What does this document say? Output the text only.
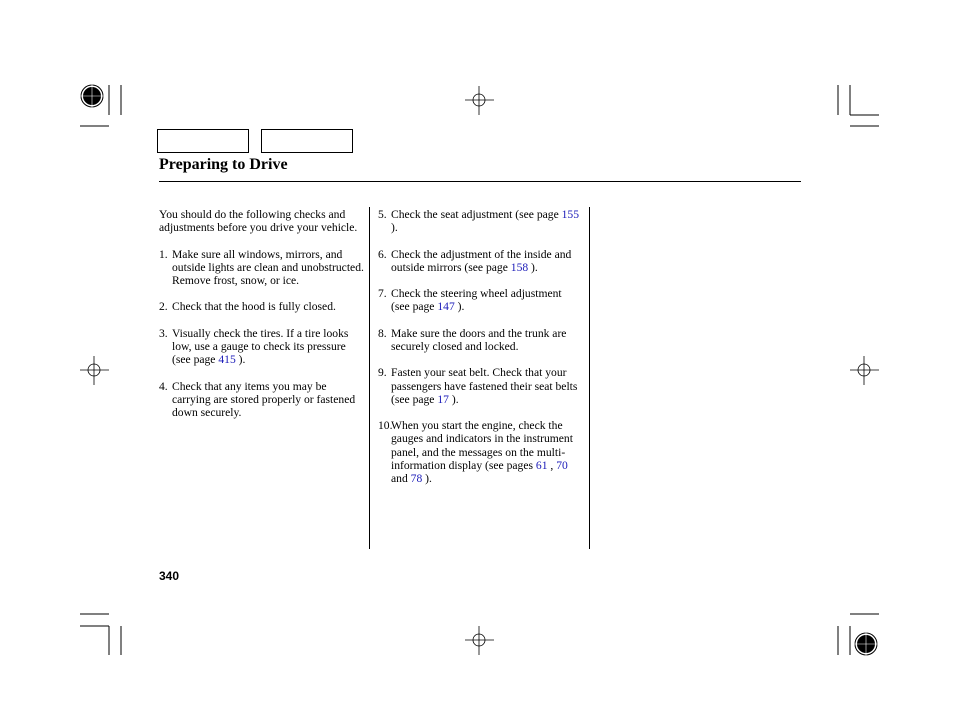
Preparing to Drive

You should do the following checks and adjustments before you drive your vehicle.

1. Make sure all windows, mirrors, and outside lights are clean and unobstructed. Remove frost, snow, or ice.
2. Check that the hood is fully closed.
3. Visually check the tires. If a tire looks low, use a gauge to check its pressure (see page 415 ).
4. Check that any items you may be carrying are stored properly or fastened down securely.
5. Check the seat adjustment (see page 155 ).
6. Check the adjustment of the inside and outside mirrors (see page 158 ).
7. Check the steering wheel adjustment (see page 147 ).
8. Make sure the doors and the trunk are securely closed and locked.
9. Fasten your seat belt. Check that your passengers have fastened their seat belts (see page 17 ).
10.
When you start the engine, check the gauges and indicators in the instrument panel, and the messages on the multi-information display (see pages 61 , 70 and 78 ).
340
